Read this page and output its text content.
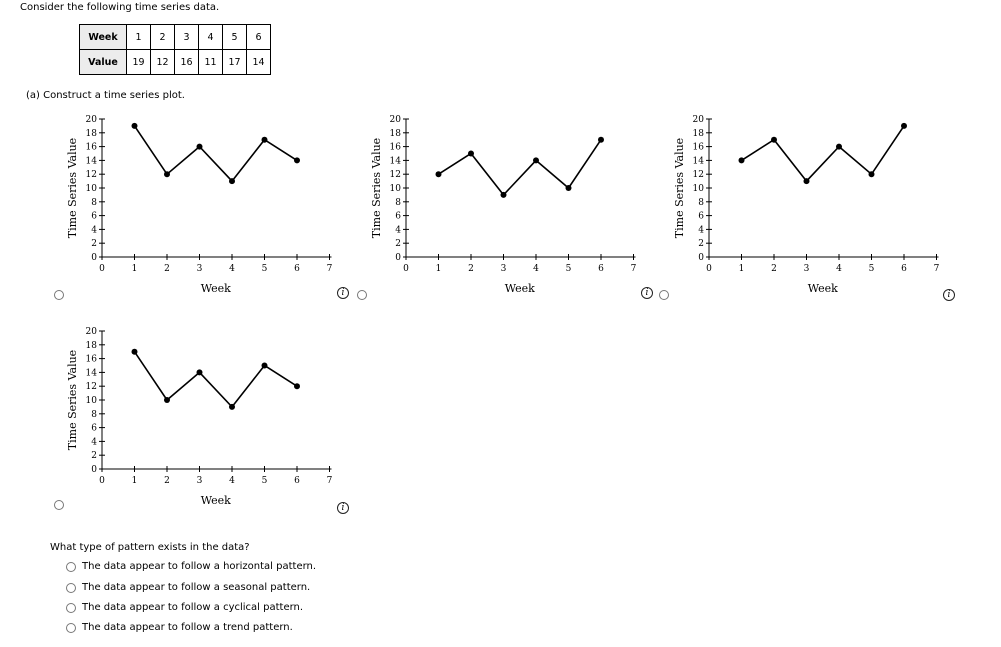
Consider the following time series data.
Week	1	2	3	4	5	6
Value	19	12	16	11	17	14
(a) Construct a time series plot.
0	1	2	3	4	5	6	7
0
2
4
6
8
10
12
14
16
18
20
Week
Time Series Value
i
0	1	2	3	4	5	6	7
0
2
4
6
8
10
12
14
16
18
20
Week
Time Series Value
i
0	1	2	3	4	5	6	7
0
2
4
6
8
10
12
14
16
18
20
Week
Time Series Value
i
0	1	2	3	4	5	6	7
0
2
4
6
8
10
12
14
16
18
20
Week
Time Series Value
i
What type of pattern exists in the data?
The data appear to follow a horizontal pattern.
The data appear to follow a seasonal pattern.
The data appear to follow a cyclical pattern.
The data appear to follow a trend pattern.
